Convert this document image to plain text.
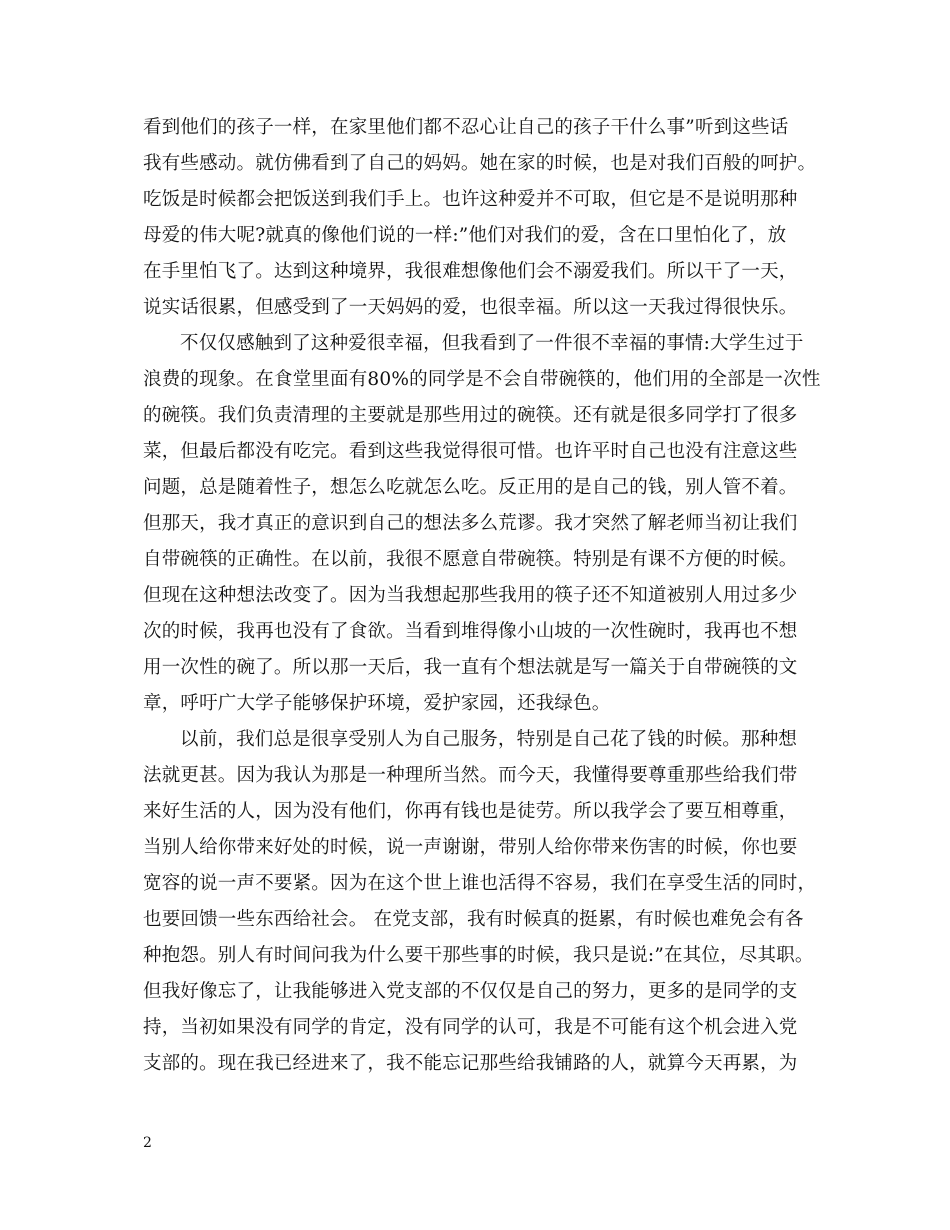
看到他们的孩子一样，在家里他们都不忍心让自己的孩子干什么事”听到这些话
我有些感动。就仿佛看到了自己的妈妈。她在家的时候，也是对我们百般的呵护。
吃饭是时候都会把饭送到我们手上。也许这种爱并不可取，但它是不是说明那种
母爱的伟大呢?就真的像他们说的一样:”他们对我们的爱，含在口里怕化了，放
在手里怕飞了。达到这种境界，我很难想像他们会不溺爱我们。所以干了一天，
说实话很累，但感受到了一天妈妈的爱，也很幸福。所以这一天我过得很快乐。
不仅仅感触到了这种爱很幸福，但我看到了一件很不幸福的事情:大学生过于
浪费的现象。在食堂里面有80%的同学是不会自带碗筷的，他们用的全部是一次性
的碗筷。我们负责清理的主要就是那些用过的碗筷。还有就是很多同学打了很多
菜，但最后都没有吃完。看到这些我觉得很可惜。也许平时自己也没有注意这些
问题，总是随着性子，想怎么吃就怎么吃。反正用的是自己的钱，别人管不着。
但那天，我才真正的意识到自己的想法多么荒谬。我才突然了解老师当初让我们
自带碗筷的正确性。在以前，我很不愿意自带碗筷。特别是有课不方便的时候。
但现在这种想法改变了。因为当我想起那些我用的筷子还不知道被别人用过多少
次的时候，我再也没有了食欲。当看到堆得像小山坡的一次性碗时，我再也不想
用一次性的碗了。所以那一天后，我一直有个想法就是写一篇关于自带碗筷的文
章，呼吁广大学子能够保护环境，爱护家园，还我绿色。
以前，我们总是很享受别人为自己服务，特别是自己花了钱的时候。那种想
法就更甚。因为我认为那是一种理所当然。而今天，我懂得要尊重那些给我们带
来好生活的人，因为没有他们，你再有钱也是徒劳。所以我学会了要互相尊重，
当别人给你带来好处的时候，说一声谢谢，带别人给你带来伤害的时候，你也要
宽容的说一声不要紧。因为在这个世上谁也活得不容易，我们在享受生活的同时，
也要回馈一些东西给社会。 在党支部，我有时候真的挺累，有时候也难免会有各
种抱怨。别人有时间问我为什么要干那些事的时候，我只是说:”在其位，尽其职。
但我好像忘了，让我能够进入党支部的不仅仅是自己的努力，更多的是同学的支
持，当初如果没有同学的肯定，没有同学的认可，我是不可能有这个机会进入党
支部的。现在我已经进来了，我不能忘记那些给我铺路的人，就算今天再累，为
2
